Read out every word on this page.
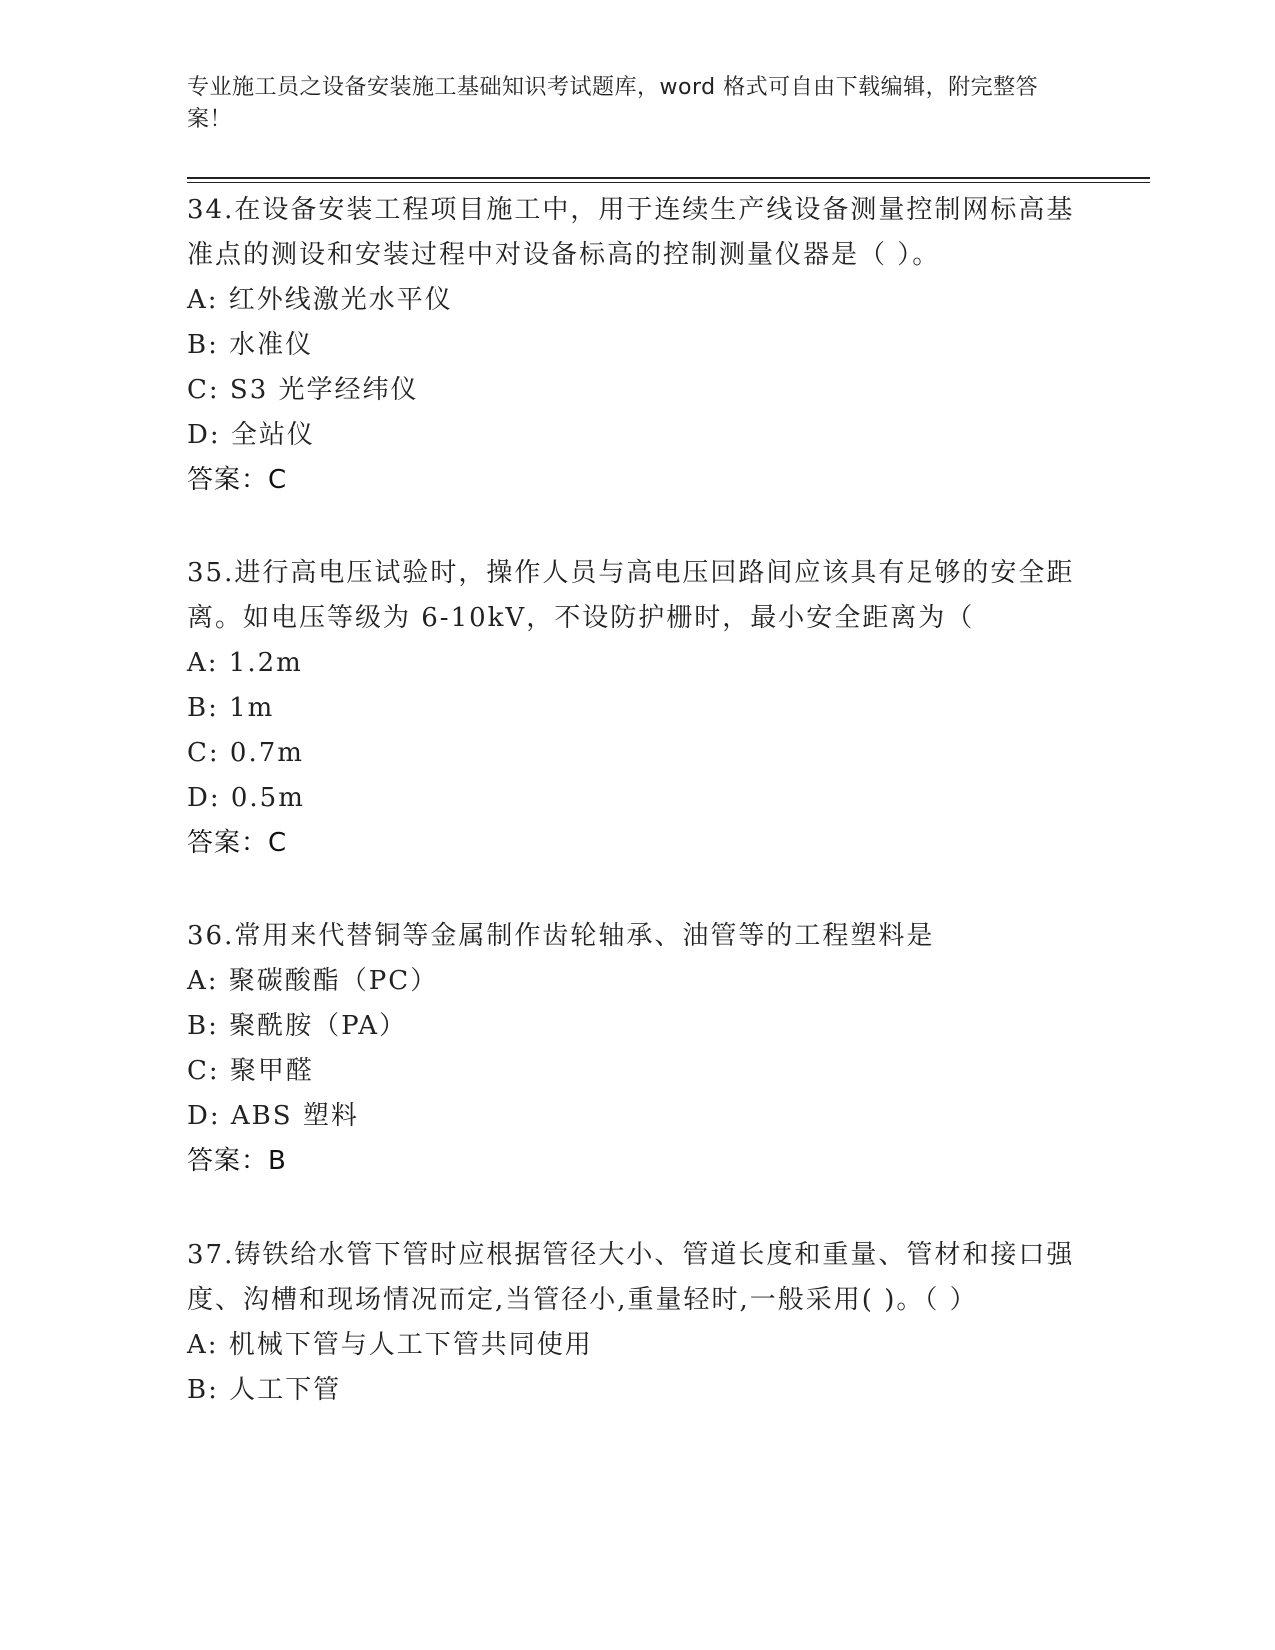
专业施工员之设备安装施工基础知识考试题库，word 格式可自由下载编辑，附完整答案！

34.在设备安装工程项目施工中，用于连续生产线设备测量控制网标高基准点的测设和安装过程中对设备标高的控制测量仪器是（ ）。

A: 红外线激光水平仪

B: 水准仪

C: S3 光学经纬仪

D: 全站仪

答案：C

35.进行高电压试验时，操作人员与高电压回路间应该具有足够的安全距离。如电压等级为 6-10kV，不设防护栅时，最小安全距离为（

A: 1.2m

B: 1m

C: 0.7m

D: 0.5m

答案：C

36.常用来代替铜等金属制作齿轮轴承、油管等的工程塑料是

A: 聚碳酸酯（PC）

B: 聚酰胺（PA）

C: 聚甲醛

D: ABS 塑料

答案：B

37.铸铁给水管下管时应根据管径大小、管道长度和重量、管材和接口强度、沟槽和现场情况而定,当管径小,重量轻时,一般采用( )。（ ）

A: 机械下管与人工下管共同使用

B: 人工下管
